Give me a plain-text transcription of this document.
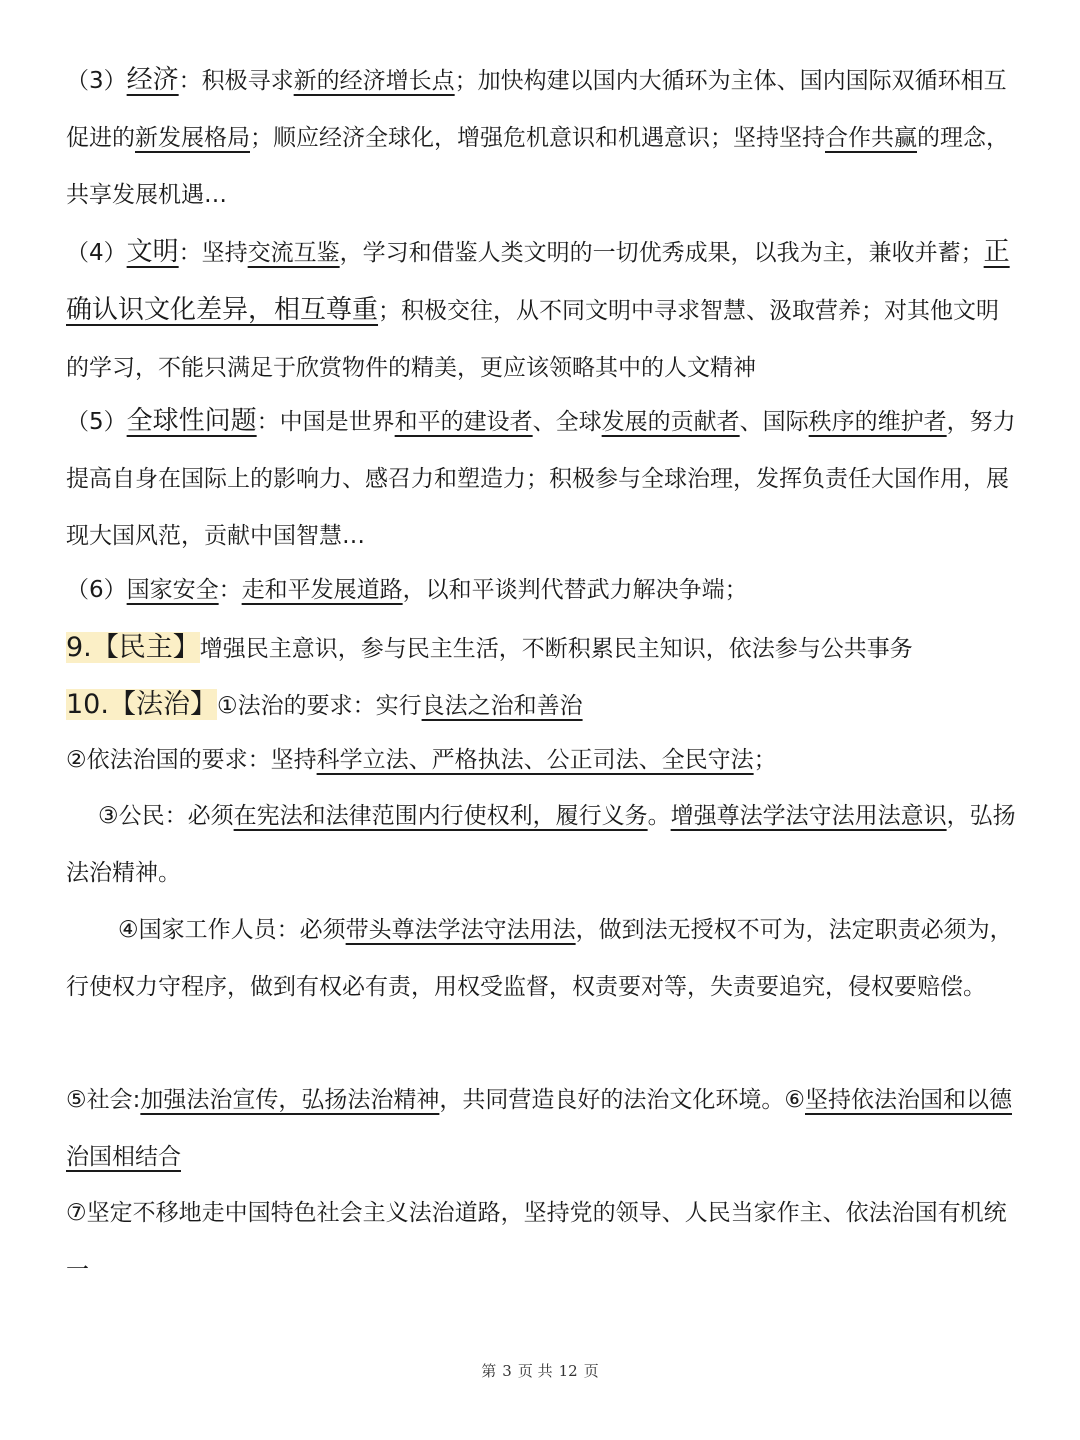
（3）经济：积极寻求新的经济增长点；加快构建以国内大循环为主体、国内国际双循环相互促进的新发展格局；顺应经济全球化，增强危机意识和机遇意识；坚持坚持合作共赢的理念，共享发展机遇…
（4）文明：坚持交流互鉴，学习和借鉴人类文明的一切优秀成果，以我为主，兼收并蓄；正确认识文化差异，相互尊重；积极交往，从不同文明中寻求智慧、汲取营养；对其他文明的学习，不能只满足于欣赏物件的精美，更应该领略其中的人文精神
（5）全球性问题：中国是世界和平的建设者、全球发展的贡献者、国际秩序的维护者，努力提高自身在国际上的影响力、感召力和塑造力；积极参与全球治理，发挥负责任大国作用，展现大国风范，贡献中国智慧…
（6）国家安全：走和平发展道路，以和平谈判代替武力解决争端；
9.【民主】增强民主意识，参与民主生活，不断积累民主知识，依法参与公共事务
10.【法治】①法治的要求：实行良法之治和善治
②依法治国的要求：坚持科学立法、严格执法、公正司法、全民守法；
③公民：必须在宪法和法律范围内行使权利，履行义务。增强尊法学法守法用法意识，弘扬法治精神。
④国家工作人员：必须带头尊法学法守法用法，做到法无授权不可为，法定职责必须为，行使权力守程序，做到有权必有责，用权受监督，权责要对等，失责要追究，侵权要赔偿。
⑤社会:加强法治宣传，弘扬法治精神，共同营造良好的法治文化环境。⑥坚持依法治国和以德治国相结合
⑦坚定不移地走中国特色社会主义法治道路，坚持党的领导、人民当家作主、依法治国有机统一
第 3 页 共 12 页
